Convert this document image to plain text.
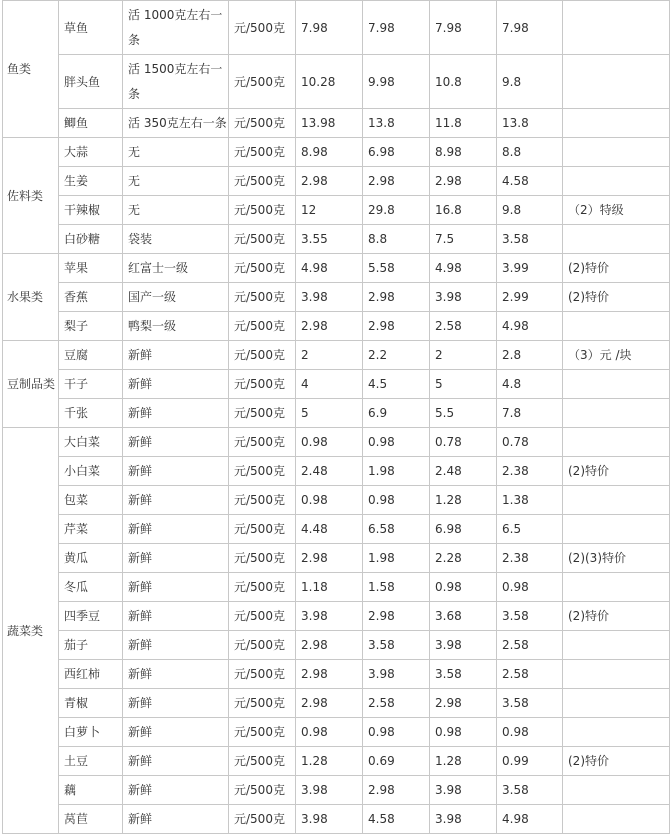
鱼类	草鱼	活 1000克左右一条	元/500克	7.98	7.98	7.98	7.98	
	胖头鱼	活 1500克左右一条	元/500克	10.28	9.98	10.8	9.8	
	鲫鱼	活 350克左右一条	元/500克	13.98	13.8	11.8	13.8	
佐料类	大蒜	无	元/500克	8.98	6.98	8.98	8.8	
	生姜	无	元/500克	2.98	2.98	2.98	4.58	
	干辣椒	无	元/500克	12	29.8	16.8	9.8	（2）特级
	白砂糖	袋装	元/500克	3.55	8.8	7.5	3.58	
水果类	苹果	红富士一级	元/500克	4.98	5.58	4.98	3.99	(2)特价
	香蕉	国产一级	元/500克	3.98	2.98	3.98	2.99	(2)特价
	梨子	鸭梨一级	元/500克	2.98	2.98	2.58	4.98	
豆制品类	豆腐	新鲜	元/500克	2	2.2	2	2.8	（3）元 /块
	干子	新鲜	元/500克	4	4.5	5	4.8	
	千张	新鲜	元/500克	5	6.9	5.5	7.8	
蔬菜类	大白菜	新鲜	元/500克	0.98	0.98	0.78	0.78	
	小白菜	新鲜	元/500克	2.48	1.98	2.48	2.38	(2)特价
	包菜	新鲜	元/500克	0.98	0.98	1.28	1.38	
	芹菜	新鲜	元/500克	4.48	6.58	6.98	6.5	
	黄瓜	新鲜	元/500克	2.98	1.98	2.28	2.38	(2)(3)特价
	冬瓜	新鲜	元/500克	1.18	1.58	0.98	0.98	
	四季豆	新鲜	元/500克	3.98	2.98	3.68	3.58	(2)特价
	茄子	新鲜	元/500克	2.98	3.58	3.98	2.58	
	西红柿	新鲜	元/500克	2.98	3.98	3.58	2.58	
	青椒	新鲜	元/500克	2.98	2.58	2.98	3.58	
	白萝卜	新鲜	元/500克	0.98	0.98	0.98	0.98	
	土豆	新鲜	元/500克	1.28	0.69	1.28	0.99	(2)特价
	藕	新鲜	元/500克	3.98	2.98	3.98	3.58	
	莴苣	新鲜	元/500克	3.98	4.58	3.98	4.98	
